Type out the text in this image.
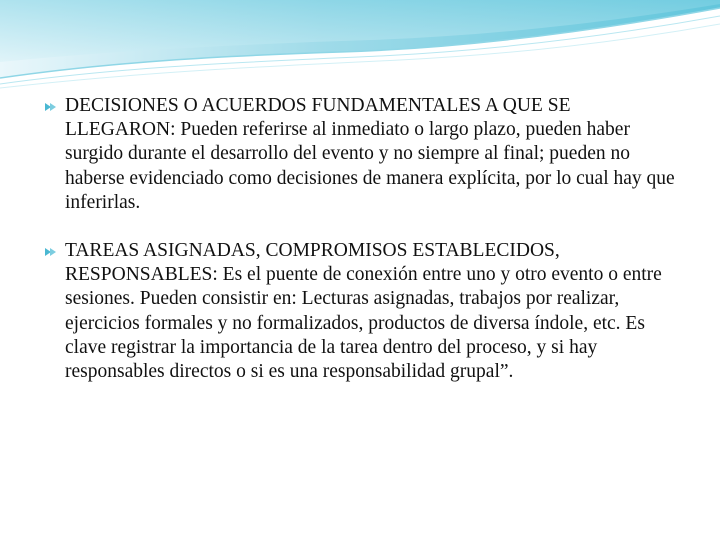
DECISIONES O ACUERDOS FUNDAMENTALES A QUE SE LLEGARON: Pueden referirse al inmediato o largo plazo, pueden haber surgido durante el desarrollo del evento y no siempre al final; pueden no haberse evidenciado como decisiones de manera explícita, por lo cual hay que inferirlas.

TAREAS ASIGNADAS, COMPROMISOS ESTABLECIDOS, RESPONSABLES: Es el puente de conexión entre uno y otro evento o entre sesiones. Pueden consistir en: Lecturas asignadas, trabajos por realizar, ejercicios formales y no formalizados, productos de diversa índole, etc. Es clave registrar la importancia de la tarea dentro del proceso, y si hay responsables directos o si es una responsabilidad grupal”.
